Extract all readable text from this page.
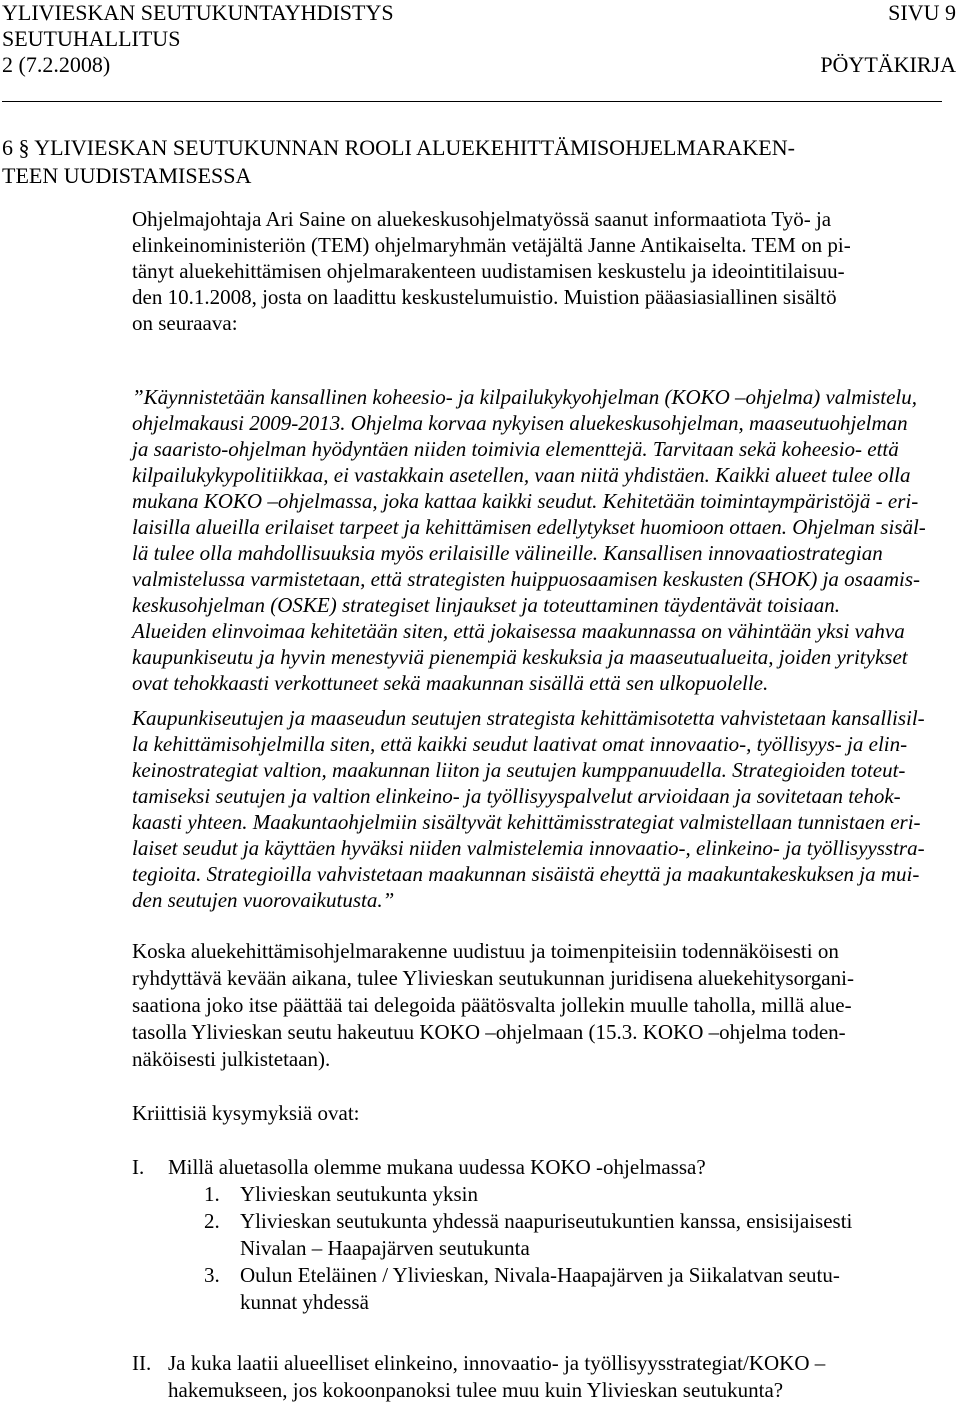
YLIVIESKAN SEUTUKUNTAYHDISTYS	SIVU 9
SEUTUHALLITUS
2 (7.2.2008)	PÖYTÄKIRJA
6 § YLIVIESKAN SEUTUKUNNAN ROOLI ALUEKEHITTÄMISOHJELMARAKEN-
TEEN UUDISTAMISESSA
Ohjelmajohtaja Ari Saine on aluekeskusohjelmatyössä saanut informaatiota Työ- ja
elinkeinoministeriön (TEM) ohjelmaryhmän vetäjältä Janne Antikaiselta. TEM on pi-
tänyt aluekehittämisen ohjelmarakenteen uudistamisen keskustelu ja ideointitilaisuu-
den 10.1.2008, josta on laadittu keskustelumuistio. Muistion pääasiasiallinen sisältö
on seuraava:
”Käynnistetään kansallinen koheesio- ja kilpailukykyohjelman (KOKO –ohjelma) valmistelu,
ohjelmakausi 2009-2013. Ohjelma korvaa nykyisen aluekeskusohjelman, maaseutuohjelman
ja saaristo-ohjelman hyödyntäen niiden toimivia elementtejä. Tarvitaan sekä koheesio- että
kilpailukykypolitiikkaa, ei vastakkain asetellen, vaan niitä yhdistäen. Kaikki alueet tulee olla
mukana KOKO –ohjelmassa, joka kattaa kaikki seudut. Kehitetään toimintaympäristöjä - eri-
laisilla alueilla erilaiset tarpeet ja kehittämisen edellytykset huomioon ottaen. Ohjelman sisäl-
lä tulee olla mahdollisuuksia myös erilaisille välineille. Kansallisen innovaatiostrategian
valmistelussa varmistetaan, että strategisten huippuosaamisen keskusten (SHOK) ja osaamis-
keskusohjelman (OSKE) strategiset linjaukset ja toteuttaminen täydentävät toisiaan.
Alueiden elinvoimaa kehitetään siten, että jokaisessa maakunnassa on vähintään yksi vahva
kaupunkiseutu ja hyvin menestyviä pienempiä keskuksia ja maaseutualueita, joiden yritykset
ovat tehokkaasti verkottuneet sekä maakunnan sisällä että sen ulkopuolelle.
Kaupunkiseutujen ja maaseudun seutujen strategista kehittämisotetta vahvistetaan kansallisil-
la kehittämisohjelmilla siten, että kaikki seudut laativat omat innovaatio-, työllisyys- ja elin-
keinostrategiat valtion, maakunnan liiton ja seutujen kumppanuudella. Strategioiden toteut-
tamiseksi seutujen ja valtion elinkeino- ja työllisyyspalvelut arvioidaan ja sovitetaan tehok-
kaasti yhteen. Maakuntaohjelmiin sisältyvät kehittämisstrategiat valmistellaan tunnistaen eri-
laiset seudut ja käyttäen hyväksi niiden valmistelemia innovaatio-, elinkeino- ja työllisyysstra-
tegioita. Strategioilla vahvistetaan maakunnan sisäistä eheyttä ja maakuntakeskuksen ja mui-
den seutujen vuorovaikutusta.”
Koska aluekehittämisohjelmarakenne uudistuu ja toimenpiteisiin todennäköisesti on
ryhdyttävä kevään aikana, tulee Ylivieskan seutukunnan juridisena aluekehitysorgani-
saationa joko itse päättää tai delegoida päätösvalta jollekin muulle taholla, millä alue-
tasolla Ylivieskan seutu hakeutuu KOKO –ohjelmaan (15.3. KOKO –ohjelma toden-
näköisesti julkistetaan).
Kriittisiä kysymyksiä ovat:
I. Millä aluetasolla olemme mukana uudessa KOKO -ohjelmassa?
1. Ylivieskan seutukunta yksin
2. Ylivieskan seutukunta yhdessä naapuriseutukuntien kanssa, ensisijaisesti
Nivalan – Haapajärven seutukunta
3. Oulun Eteläinen / Ylivieskan, Nivala-Haapajärven ja Siikalatvan seutu-
kunnat yhdessä
II. Ja kuka laatii alueelliset elinkeino, innovaatio- ja työllisyysstrategiat/KOKO –
hakemukseen, jos kokoonpanoksi tulee muu kuin Ylivieskan seutukunta?
